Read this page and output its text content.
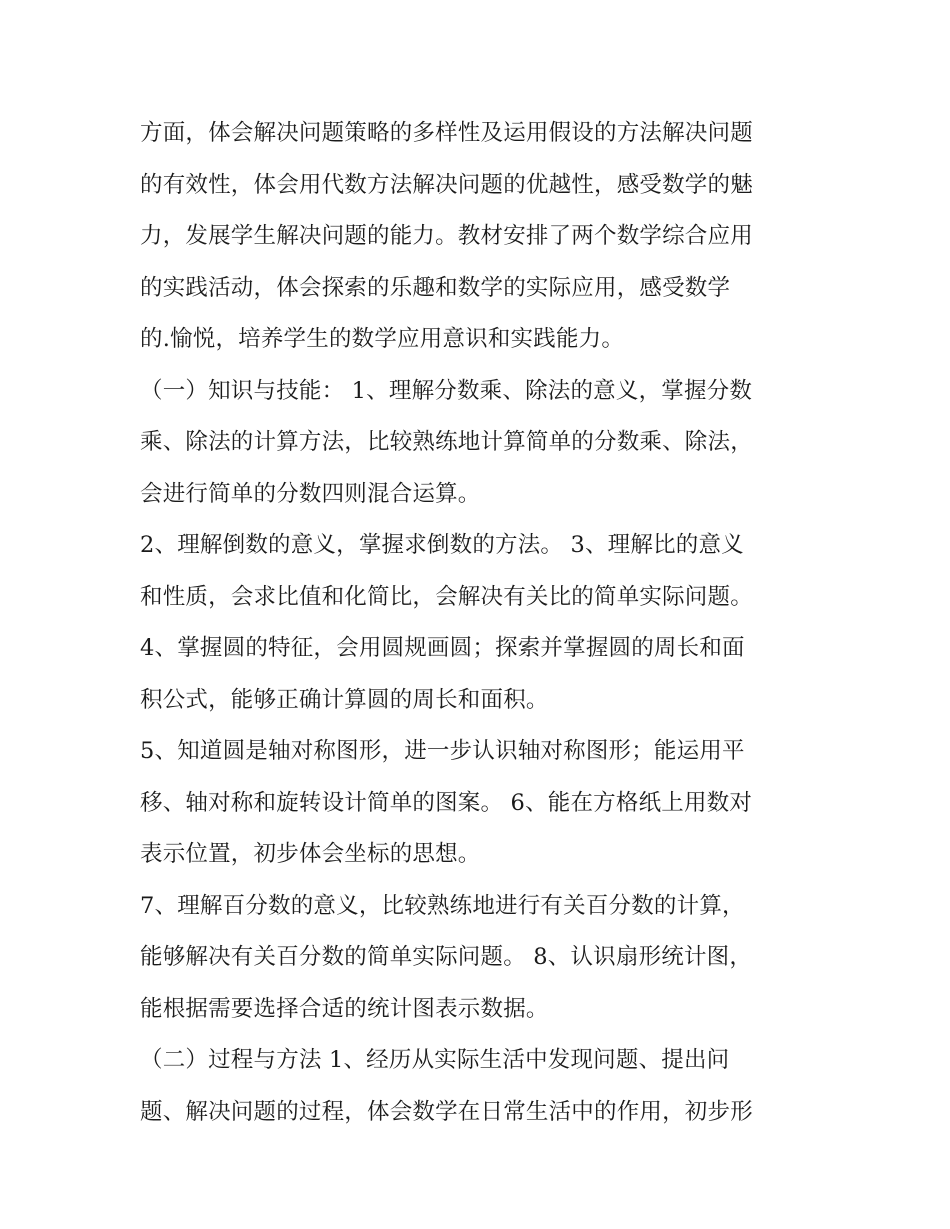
方面，体会解决问题策略的多样性及运用假设的方法解决问题
的有效性，体会用代数方法解决问题的优越性，感受数学的魅
力，发展学生解决问题的能力。教材安排了两个数学综合应用
的实践活动，体会探索的乐趣和数学的实际应用，感受数学
的.愉悦，培养学生的数学应用意识和实践能力。
（一）知识与技能： 1、理解分数乘、除法的意义，掌握分数
乘、除法的计算方法，比较熟练地计算简单的分数乘、除法，
会进行简单的分数四则混合运算。
2、理解倒数的意义，掌握求倒数的方法。 3、理解比的意义
和性质，会求比值和化简比，会解决有关比的简单实际问题。
4、掌握圆的特征，会用圆规画圆；探索并掌握圆的周长和面
积公式，能够正确计算圆的周长和面积。
5、知道圆是轴对称图形，进一步认识轴对称图形；能运用平
移、轴对称和旋转设计简单的图案。 6、能在方格纸上用数对
表示位置，初步体会坐标的思想。
7、理解百分数的意义，比较熟练地进行有关百分数的计算，
能够解决有关百分数的简单实际问题。 8、认识扇形统计图，
能根据需要选择合适的统计图表示数据。
（二）过程与方法 1、经历从实际生活中发现问题、提出问
题、解决问题的过程，体会数学在日常生活中的作用，初步形
